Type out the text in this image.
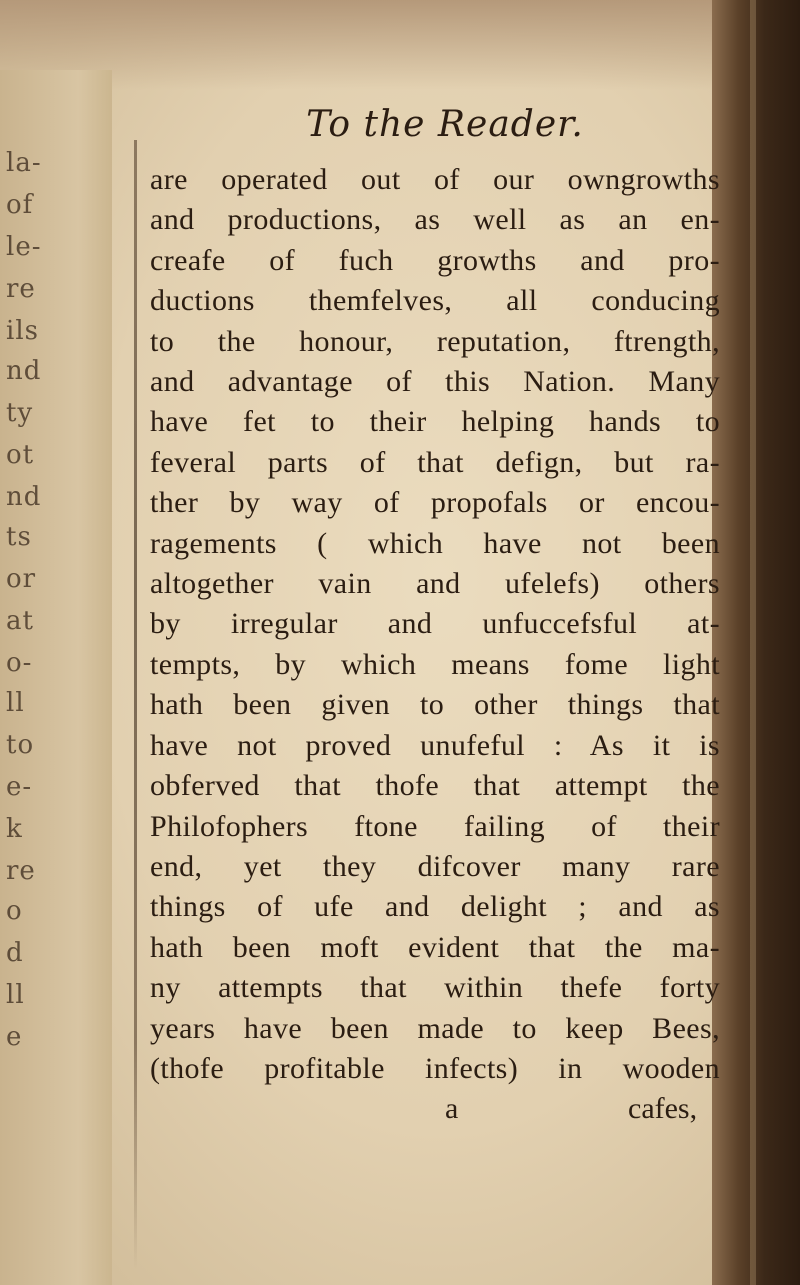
la-
of
le-
re
ils
nd
ty
ot
nd
ts
or
at
o-
ll
to
e-
k
re
o
d
ll
e
To the Reader.
are operated out of our owngrowths
and productions, as well as an en-
creafe of fuch growths and pro-
ductions themfelves, all conducing
to the honour, reputation, ftrength,
and advantage of this Nation. Many
have fet to their helping hands to
feveral parts of that defign, but ra-
ther by way of propofals or encou-
ragements ( which have not been
altogether vain and ufelefs) others
by irregular and unfuccefsful at-
tempts, by which means fome light
hath been given to other things that
have not proved unufeful : As it is
obferved that thofe that attempt the
Philofophers ftone failing of their
end, yet they difcover many rare
things of ufe and delight ; and as
hath been moft evident that the ma-
ny attempts that within thefe forty
years have been made to keep Bees,
(thofe profitable infects) in wooden
a	cafes,
